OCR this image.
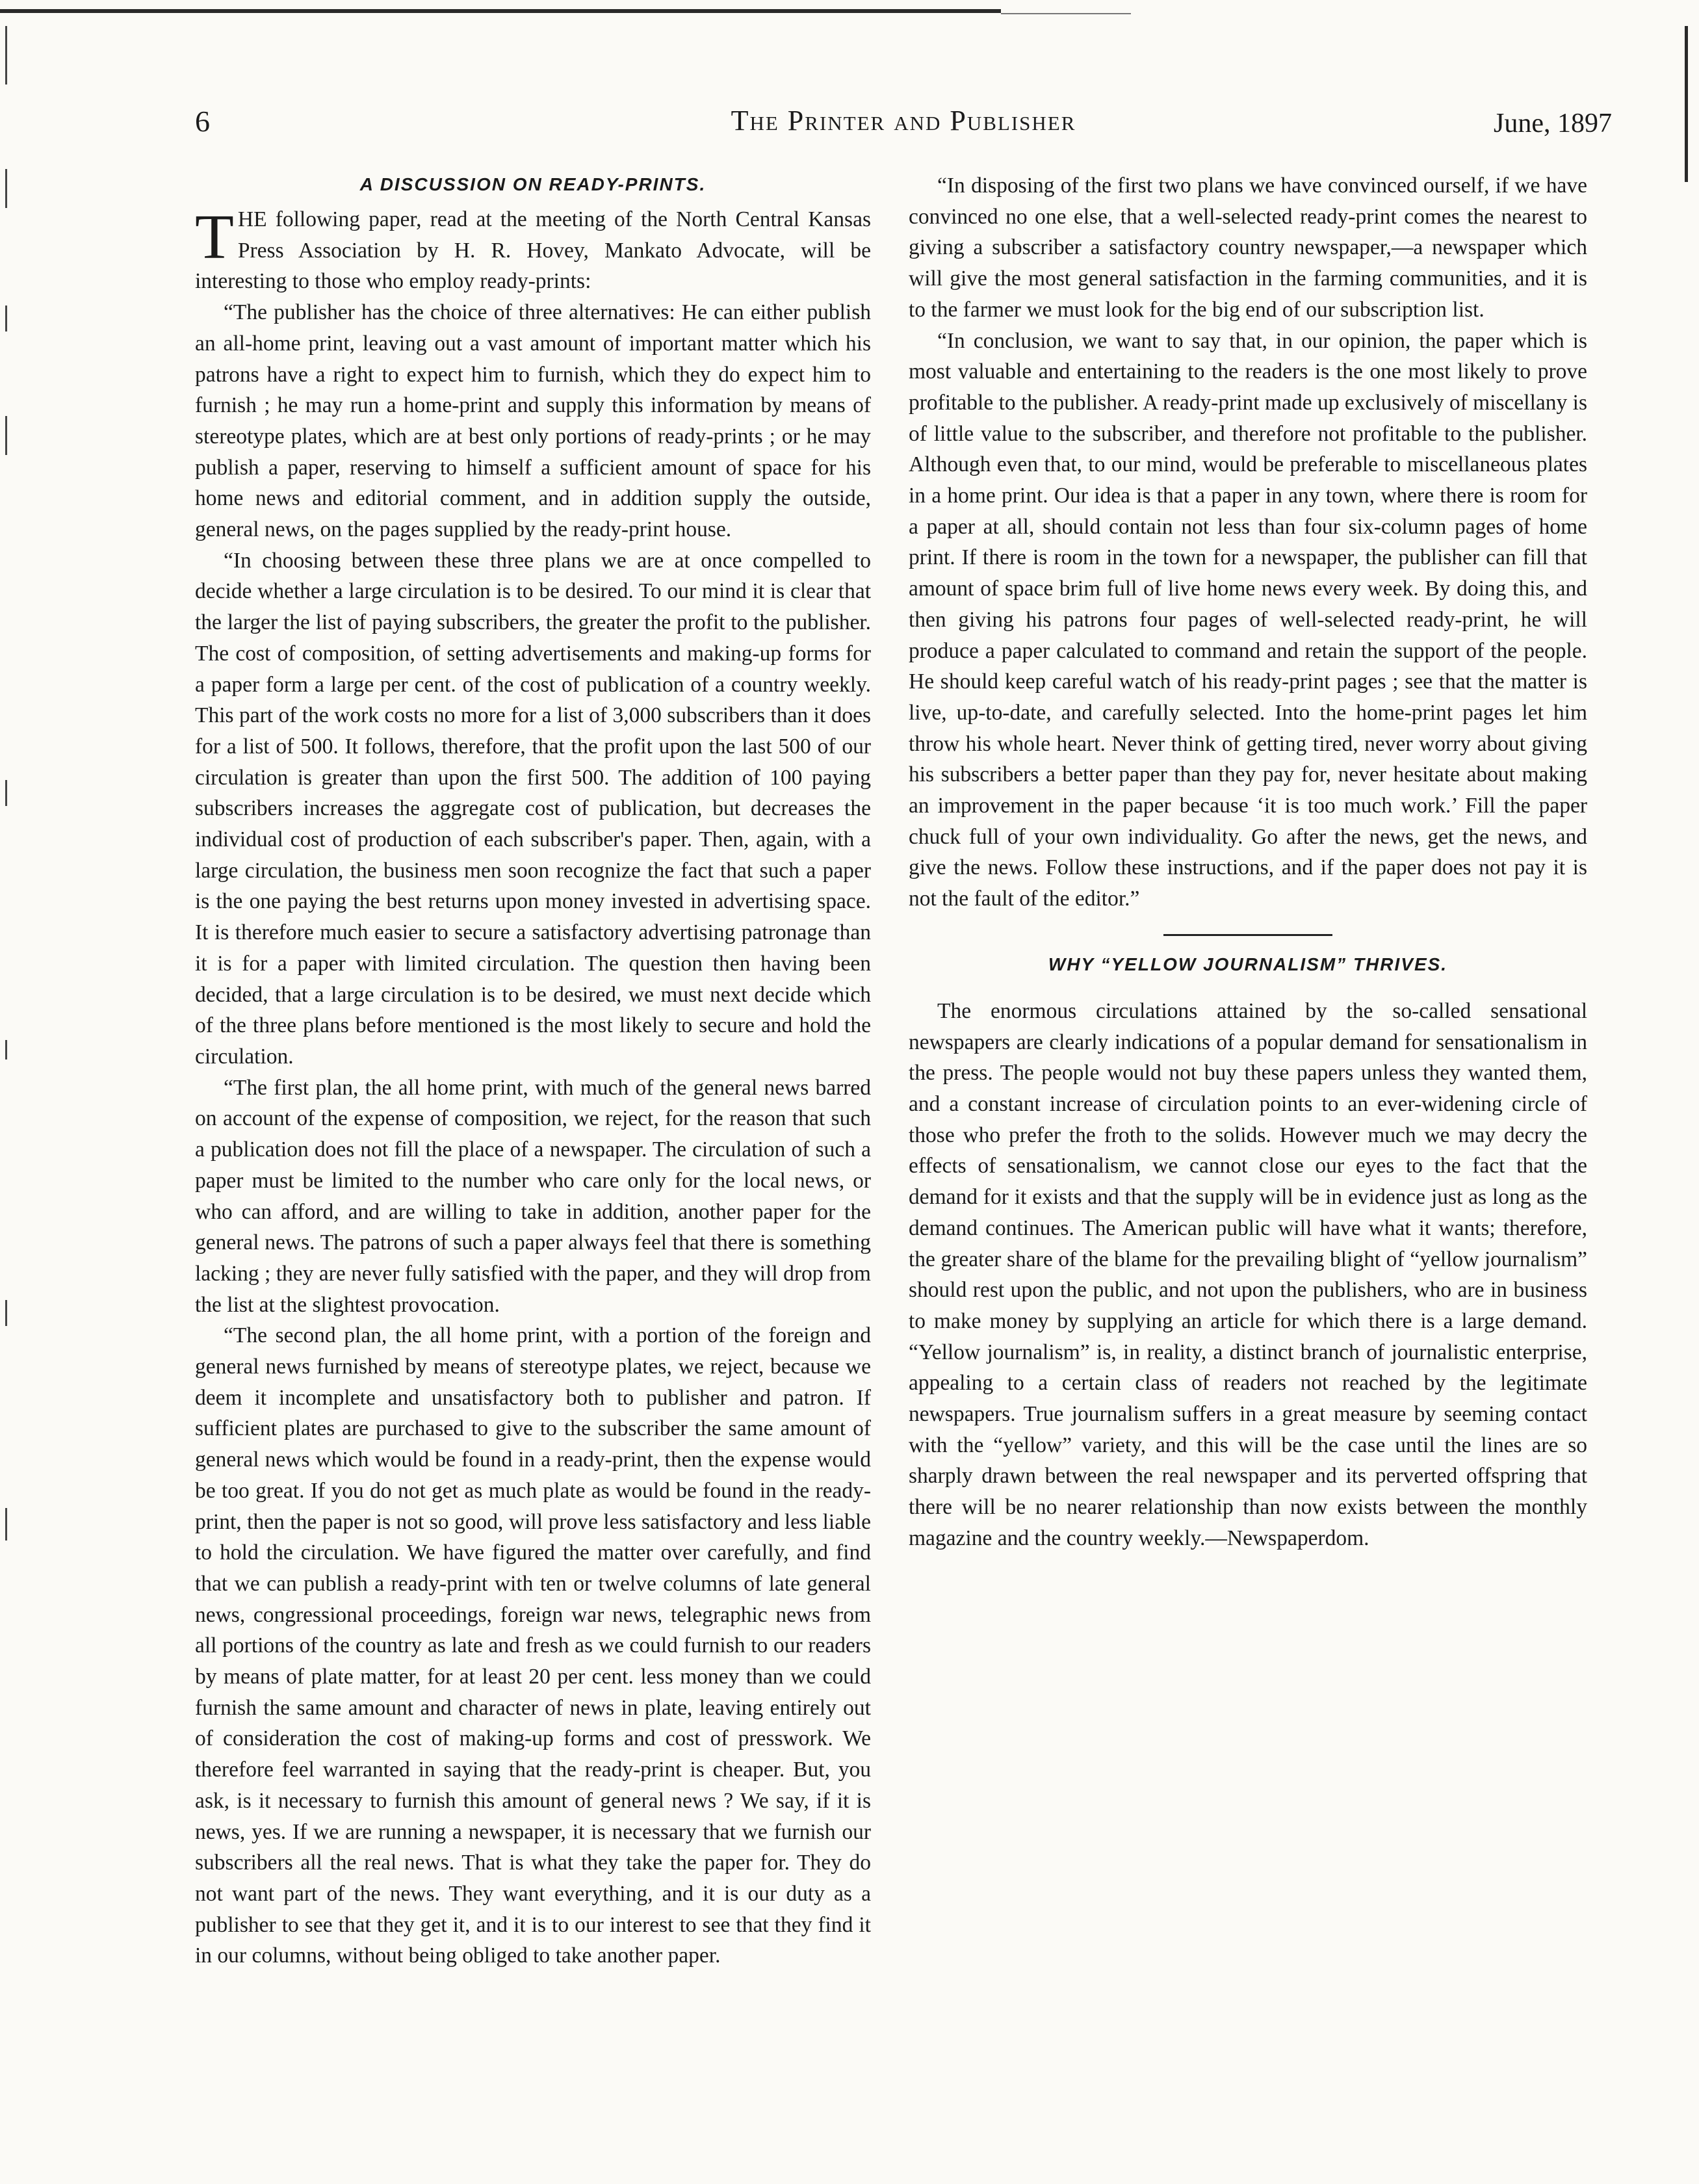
6	The Printer and Publisher	June, 1897
A DISCUSSION ON READY-PRINTS.

THE following paper, read at the meeting of the North Central Kansas Press Association by H. R. Hovey, Mankato Advocate, will be interesting to those who employ ready-prints:

“The publisher has the choice of three alternatives: He can either publish an all-home print, leaving out a vast amount of important matter which his patrons have a right to expect him to furnish, which they do expect him to furnish ; he may run a home-print and supply this information by means of stereotype plates, which are at best only portions of ready-prints ; or he may publish a paper, reserving to himself a sufficient amount of space for his home news and editorial comment, and in addition supply the outside, general news, on the pages supplied by the ready-print house.

“In choosing between these three plans we are at once compelled to decide whether a large circulation is to be desired. To our mind it is clear that the larger the list of paying subscribers, the greater the profit to the publisher. The cost of composition, of setting advertisements and making-up forms for a paper form a large per cent. of the cost of publication of a country weekly. This part of the work costs no more for a list of 3,000 subscribers than it does for a list of 500. It follows, therefore, that the profit upon the last 500 of our circulation is greater than upon the first 500. The addition of 100 paying subscribers increases the aggregate cost of publication, but decreases the individual cost of production of each subscriber's paper. Then, again, with a large circulation, the business men soon recognize the fact that such a paper is the one paying the best returns upon money invested in advertising space. It is therefore much easier to secure a satisfactory advertising patronage than it is for a paper with limited circulation. The question then having been decided, that a large circulation is to be desired, we must next decide which of the three plans before mentioned is the most likely to secure and hold the circulation.

“The first plan, the all home print, with much of the general news barred on account of the expense of composition, we reject, for the reason that such a publication does not fill the place of a newspaper. The circulation of such a paper must be limited to the number who care only for the local news, or who can afford, and are willing to take in addition, another paper for the general news. The patrons of such a paper always feel that there is something lacking ; they are never fully satisfied with the paper, and they will drop from the list at the slightest provocation.

“The second plan, the all home print, with a portion of the foreign and general news furnished by means of stereotype plates, we reject, because we deem it incomplete and unsatisfactory both to publisher and patron. If sufficient plates are purchased to give to the subscriber the same amount of general news which would be found in a ready-print, then the expense would be too great. If you do not get as much plate as would be found in the ready-print, then the paper is not so good, will prove less satisfactory and less liable to hold the circulation. We have figured the matter over carefully, and find that we can publish a ready-print with ten or twelve columns of late general news, congressional proceedings, foreign war news, telegraphic news from all portions of the country as late and fresh as we could furnish to our readers by means of plate matter, for at least 20 per cent. less money than we could furnish the same amount and character of news in plate, leaving entirely out of consideration the cost of making-up forms and cost of presswork. We therefore feel warranted in saying that the ready-print is cheaper. But, you ask, is it necessary to furnish this amount of general news ? We say, if it is news, yes. If we are running a newspaper, it is necessary that we furnish our subscribers all the real news. That is what they take the paper for. They do not want part of the news. They want everything, and it is our duty as a publisher to see that they get it, and it is to our interest to see that they find it in our columns, without being obliged to take another paper.

“In disposing of the first two plans we have convinced ourself, if we have convinced no one else, that a well-selected ready-print comes the nearest to giving a subscriber a satisfactory country newspaper,—a newspaper which will give the most general satisfaction in the farming communities, and it is to the farmer we must look for the big end of our subscription list.

“In conclusion, we want to say that, in our opinion, the paper which is most valuable and entertaining to the readers is the one most likely to prove profitable to the publisher. A ready-print made up exclusively of miscellany is of little value to the subscriber, and therefore not profitable to the publisher. Although even that, to our mind, would be preferable to miscellaneous plates in a home print. Our idea is that a paper in any town, where there is room for a paper at all, should contain not less than four six-column pages of home print. If there is room in the town for a newspaper, the publisher can fill that amount of space brim full of live home news every week. By doing this, and then giving his patrons four pages of well-selected ready-print, he will produce a paper calculated to command and retain the support of the people. He should keep careful watch of his ready-print pages ; see that the matter is live, up-to-date, and carefully selected. Into the home-print pages let him throw his whole heart. Never think of getting tired, never worry about giving his subscribers a better paper than they pay for, never hesitate about making an improvement in the paper because ‘it is too much work.’ Fill the paper chuck full of your own individuality. Go after the news, get the news, and give the news. Follow these instructions, and if the paper does not pay it is not the fault of the editor.”

WHY “YELLOW JOURNALISM” THRIVES.

The enormous circulations attained by the so-called sensational newspapers are clearly indications of a popular demand for sensationalism in the press. The people would not buy these papers unless they wanted them, and a constant increase of circulation points to an ever-widening circle of those who prefer the froth to the solids. However much we may decry the effects of sensationalism, we cannot close our eyes to the fact that the demand for it exists and that the supply will be in evidence just as long as the demand continues. The American public will have what it wants; therefore, the greater share of the blame for the prevailing blight of “yellow journalism” should rest upon the public, and not upon the publishers, who are in business to make money by supplying an article for which there is a large demand. “Yellow journalism” is, in reality, a distinct branch of journalistic enterprise, appealing to a certain class of readers not reached by the legitimate newspapers. True journalism suffers in a great measure by seeming contact with the “yellow” variety, and this will be the case until the lines are so sharply drawn between the real newspaper and its perverted offspring that there will be no nearer relationship than now exists between the monthly magazine and the country weekly.—Newspaperdom.
